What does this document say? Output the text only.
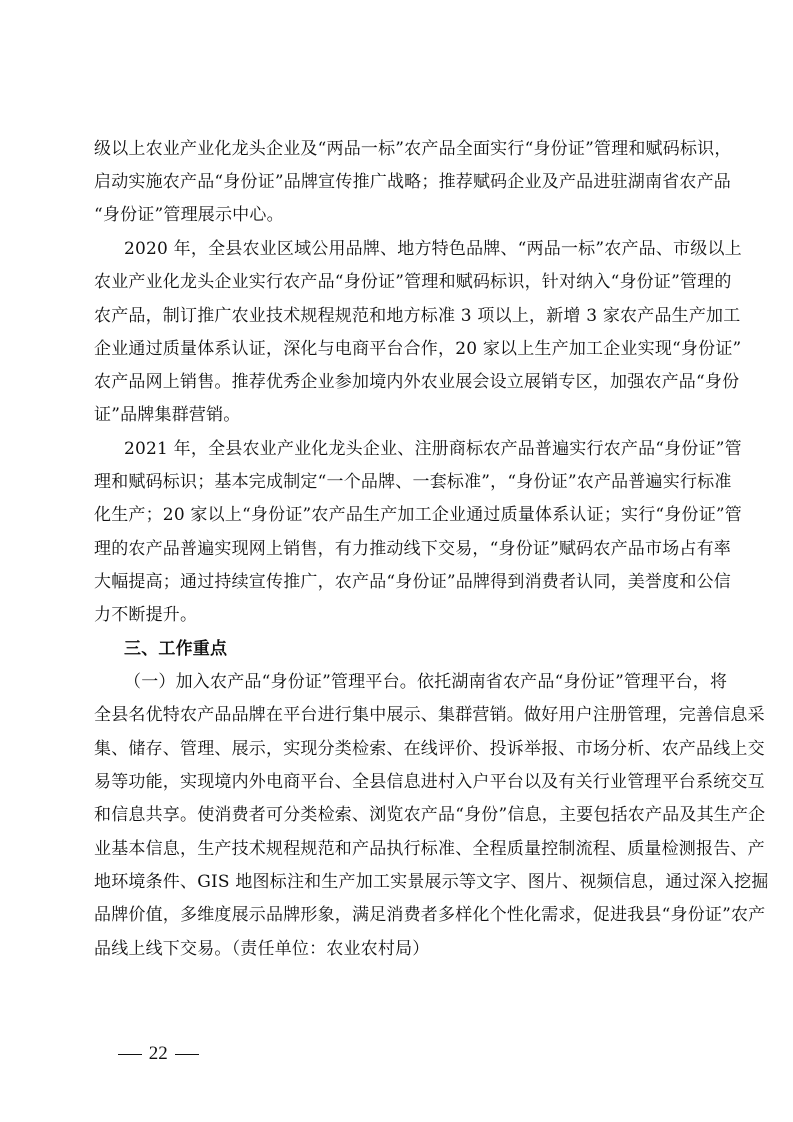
级以上农业产业化龙头企业及“两品一标”农产品全面实行“身份证”管理和赋码标识，
启动实施农产品“身份证”品牌宣传推广战略；推荐赋码企业及产品进驻湖南省农产品
“身份证”管理展示中心。
2020 年，全县农业区域公用品牌、地方特色品牌、“两品一标”农产品、市级以上
农业产业化龙头企业实行农产品“身份证”管理和赋码标识，针对纳入“身份证”管理的
农产品，制订推广农业技术规程规范和地方标准 3 项以上，新增 3 家农产品生产加工
企业通过质量体系认证，深化与电商平台合作，20 家以上生产加工企业实现“身份证”
农产品网上销售。推荐优秀企业参加境内外农业展会设立展销专区，加强农产品“身份
证”品牌集群营销。
2021 年，全县农业产业化龙头企业、注册商标农产品普遍实行农产品“身份证”管
理和赋码标识；基本完成制定“一个品牌、一套标准”，“身份证”农产品普遍实行标准
化生产；20 家以上“身份证”农产品生产加工企业通过质量体系认证；实行“身份证”管
理的农产品普遍实现网上销售，有力推动线下交易，“身份证”赋码农产品市场占有率
大幅提高；通过持续宣传推广，农产品“身份证”品牌得到消费者认同，美誉度和公信
力不断提升。
三、工作重点
（一）加入农产品“身份证”管理平台。依托湖南省农产品“身份证”管理平台，将
全县名优特农产品品牌在平台进行集中展示、集群营销。做好用户注册管理，完善信息采
集、储存、管理、展示，实现分类检索、在线评价、投诉举报、市场分析、农产品线上交
易等功能，实现境内外电商平台、全县信息进村入户平台以及有关行业管理平台系统交互
和信息共享。使消费者可分类检索、浏览农产品“身份”信息，主要包括农产品及其生产企
业基本信息，生产技术规程规范和产品执行标准、全程质量控制流程、质量检测报告、产
地环境条件、GIS 地图标注和生产加工实景展示等文字、图片、视频信息，通过深入挖掘
品牌价值，多维度展示品牌形象，满足消费者多样化个性化需求，促进我县“身份证”农产
品线上线下交易。（责任单位：农业农村局）
22
